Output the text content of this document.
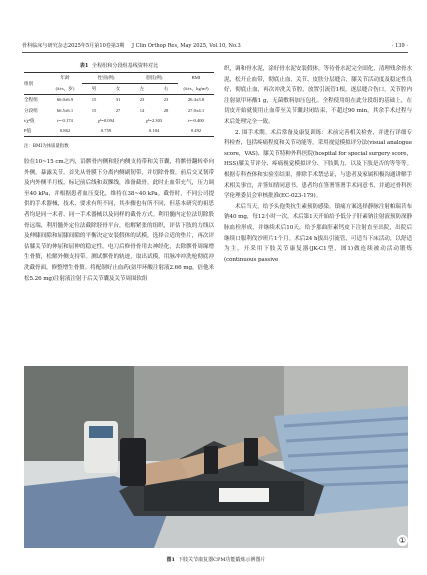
骨科临床与研究杂志2025年5月第10卷第3期 J Clin Orthop Res, May 2025, Vol.10, No.3	· 139 ·
表1 全程组和分段组基线资料对比
组别	年龄	性别(例)		患肢(例)		BMI
	(x̄±s，岁)	男	女	左	右	(x̄±s，kg/m²)
全程组	66.0±6.9	15	31	23	23	26.4±3.8
分段组	66.5±6.1	15	27	14	28	27.0±4.1
t/χ²值	t=-0.174	χ²=0.094		χ²=2.303		t=-0.400
P值	0.862	0.759		0.184		0.492
注：BMI为体质量指数

胶在10~15 cm之内，沿髌骨内侧和胫内侧支持带和关节囊，将髌骨翻转牵向外侧，暴露关节。首先从骨膜下分离内侧副韧带，并切除骨赘，前后交叉韧带及内外侧半月板，标记前后线和双髁线，准备截骨。此时止血带充气，压力调至40 kPa，并根据患者血压变化，维持在38~40 kPa。截骨时，不同公司提供的手术器械，技术、要求有所不同，其步骤也有所不同，但基本研究的祖思者均是同一术者、同一手术器械以及同样的截骨方式。利用髓内定位法切除股骨远端，利用髓外定位法截除胫骨平台，松解紧张的组织，评估下肢的力线以及伸膝间隙和屈膝间隙的平衡决定安装假体的试模，选择合适的垫片，再次评估膝关节的伸屈和屈伸的稳定性。电刀后修骨骨用去神经化，去除髌骨周缘增生骨赘，松解外侧支持带。测试髌骨的轨迹，取出试模，用脉冲冲洗枪彻底冲洗截骨面，修整增生骨赘。将配制好止血药(氨甲环酸注射液2.66 mg，倍他米松5.26 mg)注射液注射于后关节囊及关节周围软组

织，调和骨水泥，涂好骨水泥安装假体，等待骨水泥完全固化，清理残余骨水泥，松开止血带，彻底止血，关节、皮肤分层缝合，膝关节活动度及稳定性良好，彻底止血，再次冲洗关节腔，放置引流管1根，逐层缝合伤口，关节腔内注射氨甲环酸1 g，无菌敷料加压包扎。全程使用组在此分段组的基础上，在切皮开始就使用止血带至关节囊封闭结束，不超过90 min，其余手术过程与术后处理完全一致。

2. 围手术期。术后常备及康复训练：术前完善相关检查，并进行详细专科检查，包括疼痛程度和关节功能等，采用视觉模拟评分法(visual analogue score，VAS)、膝关节特种外科医院(hospital for special surgery score，HSS)膝关节评分、疼痛视觉模拟评分、下肢肌力，以及下肢是否的等等等。根据专科查体和实验室结果，排除手术禁忌证，与患者及家属积极沟通讲解手术相关事宜，并签知情同意书。患者均在签署签署手术同意书，并通过骨科医学伦理委员会审核批准(EC-023-179)。

术后当天，给予头孢类抗生素预防感染。镇痛方案选择静脉注射帕瑞昔布钠40 mg，每12小时一次，术后第1天开始给予低分子肝素钠注射液预防深静脉血栓形成，并继续术后10天，给予那曲肝素钙皮下注射直至出院，出院后继续口服利伐沙班片1个月。术后24 h拔出引流管，可适当下床活动，以舒适为主，开采用下肢关节康复器(JK-C1型，图1)做连续被动活动锻炼(continuous passive

图1 下肢关节康复器CPM功能锻炼示例图片
①
